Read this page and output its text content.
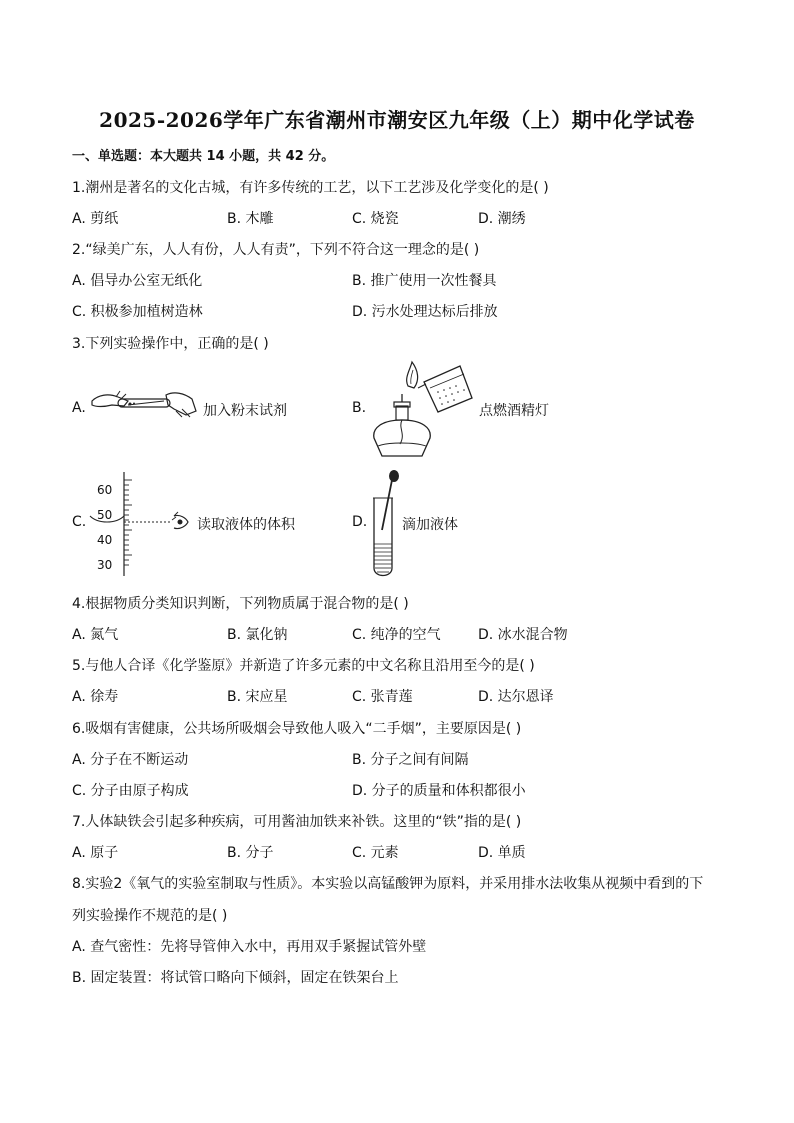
2025-2026学年广东省潮州市潮安区九年级（上）期中化学试卷
一、单选题：本大题共 14 小题，共 42 分。
1.潮州是著名的文化古城，有许多传统的工艺，以下工艺涉及化学变化的是( )
A. 剪纸	B. 木雕	C. 烧瓷	D. 潮绣
2.“绿美广东，人人有份，人人有责”，下列不符合这一理念的是( )
A. 倡导办公室无纸化	B. 推广使用一次性餐具
C. 积极参加植树造林	D. 污水处理达标后排放
3.下列实验操作中，正确的是( )
A.	加入粉末试剂	B.	点燃酒精灯
C.
60
50
40
30
读取液体的体积	D. 滴加液体
4.根据物质分类知识判断，下列物质属于混合物的是( )
A. 氮气	B. 氯化钠	C. 纯净的空气	D. 冰水混合物
5.与他人合译《化学鉴原》并新造了许多元素的中文名称且沿用至今的是( )
A. 徐寿	B. 宋应星	C. 张青莲	D. 达尔恩译
6.吸烟有害健康，公共场所吸烟会导致他人吸入“二手烟”，主要原因是( )
A. 分子在不断运动	B. 分子之间有间隔
C. 分子由原子构成	D. 分子的质量和体积都很小
7.人体缺铁会引起多种疾病，可用酱油加铁来补铁。这里的“铁”指的是( )
A. 原子	B. 分子	C. 元素	D. 单质
8.实验2《氧气的实验室制取与性质》。本实验以高锰酸钾为原料，并采用排水法收集从视频中看到的下
列实验操作不规范的是( )
A. 查气密性：先将导管伸入水中，再用双手紧握试管外壁
B. 固定装置：将试管口略向下倾斜，固定在铁架台上
